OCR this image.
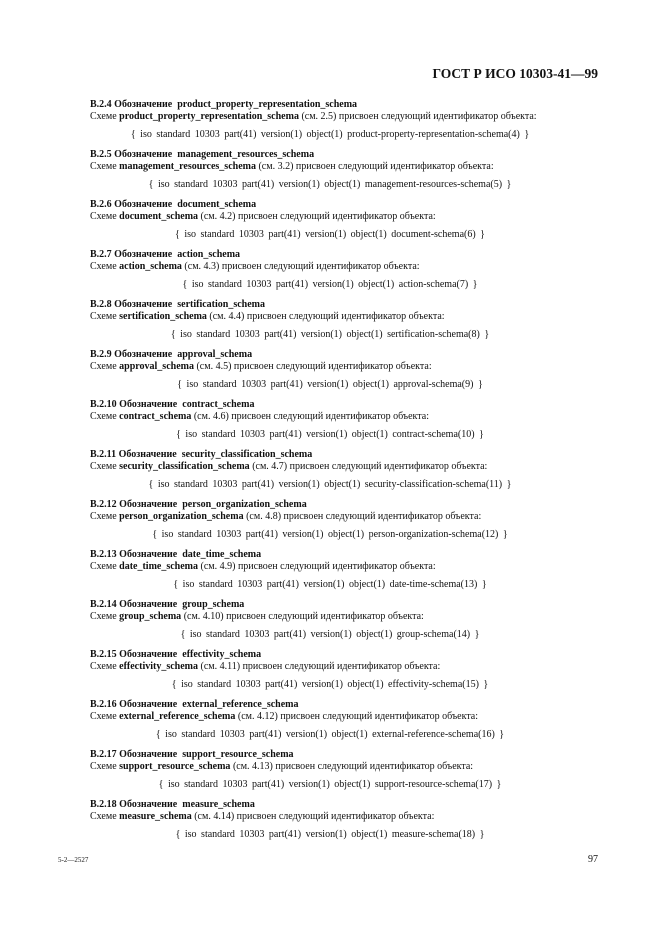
ГОСТ Р ИСО 10303-41—99
B.2.4 Обозначение product_property_representation_schema
Схеме product_property_representation_schema (см. 2.5) присвоен следующий идентификатор объекта:
{ iso standard 10303 part(41) version(1) object(1) product-property-representation-schema(4) }
B.2.5 Обозначение management_resources_schema
Схеме management_resources_schema (см. 3.2) присвоен следующий идентификатор объекта:
{ iso standard 10303 part(41) version(1) object(1) management-resources-schema(5) }
B.2.6 Обозначение document_schema
Схеме document_schema (см. 4.2) присвоен следующий идентификатор объекта:
{ iso standard 10303 part(41) version(1) object(1) document-schema(6) }
B.2.7 Обозначение action_schema
Схеме action_schema (см. 4.3) присвоен следующий идентификатор объекта:
{ iso standard 10303 part(41) version(1) object(1) action-schema(7) }
B.2.8 Обозначение sertification_schema
Схеме sertification_schema (см. 4.4) присвоен следующий идентификатор объекта:
{ iso standard 10303 part(41) version(1) object(1) sertification-schema(8) }
B.2.9 Обозначение approval_schema
Схеме approval_schema (см. 4.5) присвоен следующий идентификатор объекта:
{ iso standard 10303 part(41) version(1) object(1) approval-schema(9) }
B.2.10 Обозначение contract_schema
Схеме contract_schema (см. 4.6) присвоен следующий идентификатор объекта:
{ iso standard 10303 part(41) version(1) object(1) contract-schema(10) }
B.2.11 Обозначение security_classification_schema
Схеме security_classification_schema (см. 4.7) присвоен следующий идентификатор объекта:
{ iso standard 10303 part(41) version(1) object(1) security-classification-schema(11) }
B.2.12 Обозначение person_organization_schema
Схеме person_organization_schema (см. 4.8) присвоен следующий идентификатор объекта:
{ iso standard 10303 part(41) version(1) object(1) person-organization-schema(12) }
B.2.13 Обозначение date_time_schema
Схеме date_time_schema (см. 4.9) присвоен следующий идентификатор объекта:
{ iso standard 10303 part(41) version(1) object(1) date-time-schema(13) }
B.2.14 Обозначение group_schema
Схеме group_schema (см. 4.10) присвоен следующий идентификатор объекта:
{ iso standard 10303 part(41) version(1) object(1) group-schema(14) }
B.2.15 Обозначение effectivity_schema
Схеме effectivity_schema (см. 4.11) присвоен следующий идентификатор объекта:
{ iso standard 10303 part(41) version(1) object(1) effectivity-schema(15) }
B.2.16 Обозначение external_reference_schema
Схеме external_reference_schema (см. 4.12) присвоен следующий идентификатор объекта:
{ iso standard 10303 part(41) version(1) object(1) external-reference-schema(16) }
B.2.17 Обозначение support_resource_schema
Схеме support_resource_schema (см. 4.13) присвоен следующий идентификатор объекта:
{ iso standard 10303 part(41) version(1) object(1) support-resource-schema(17) }
B.2.18 Обозначение measure_schema
Схеме measure_schema (см. 4.14) присвоен следующий идентификатор объекта:
{ iso standard 10303 part(41) version(1) object(1) measure-schema(18) }
5-2—2527	97
